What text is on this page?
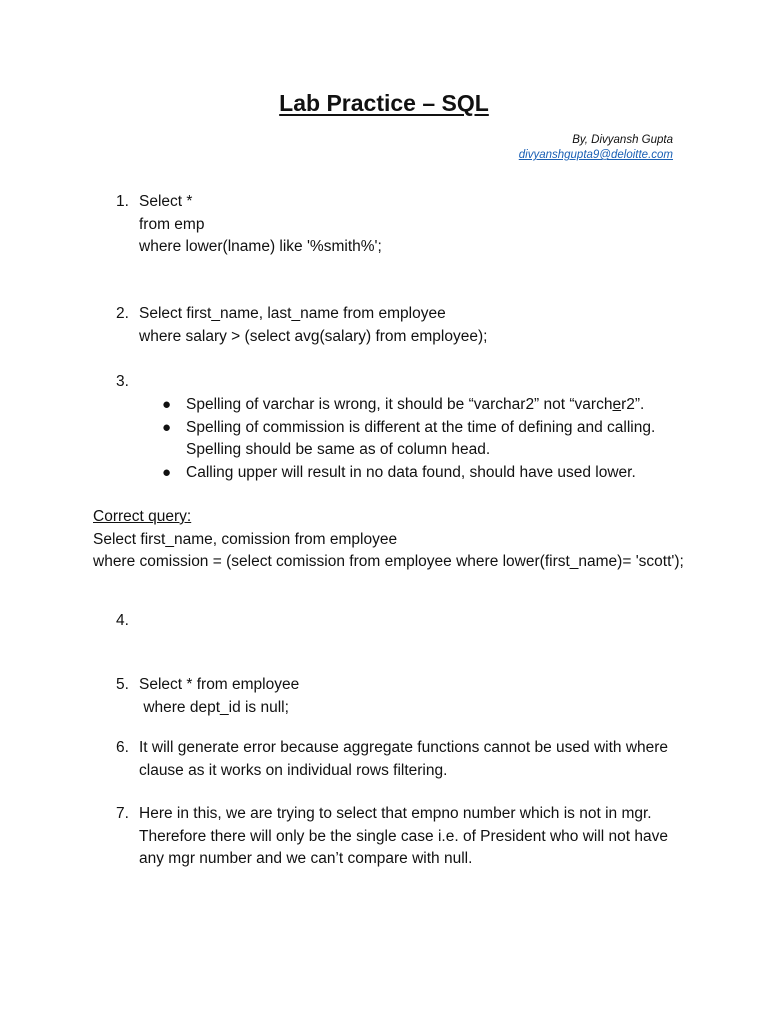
Lab Practice – SQL
By, Divyansh Gupta
divyanshgupta9@deloitte.com
1. Select *
from emp
where lower(lname) like '%smith%';
2. Select first_name, last_name from employee
where salary > (select avg(salary) from employee);
3.
● Spelling of varchar is wrong, it should be “varchar2” not “varcher2”.
● Spelling of commission is different at the time of defining and calling. Spelling should be same as of column head.
● Calling upper will result in no data found, should have used lower.
Correct query:
Select first_name, comission from employee
where comission = (select comission from employee where lower(first_name)= 'scott');
4.
5. Select * from employee
where dept_id is null;
6. It will generate error because aggregate functions cannot be used with where clause as it works on individual rows filtering.
7. Here in this, we are trying to select that empno number which is not in mgr. Therefore there will only be the single case i.e. of President who will not have any mgr number and we can’t compare with null.
